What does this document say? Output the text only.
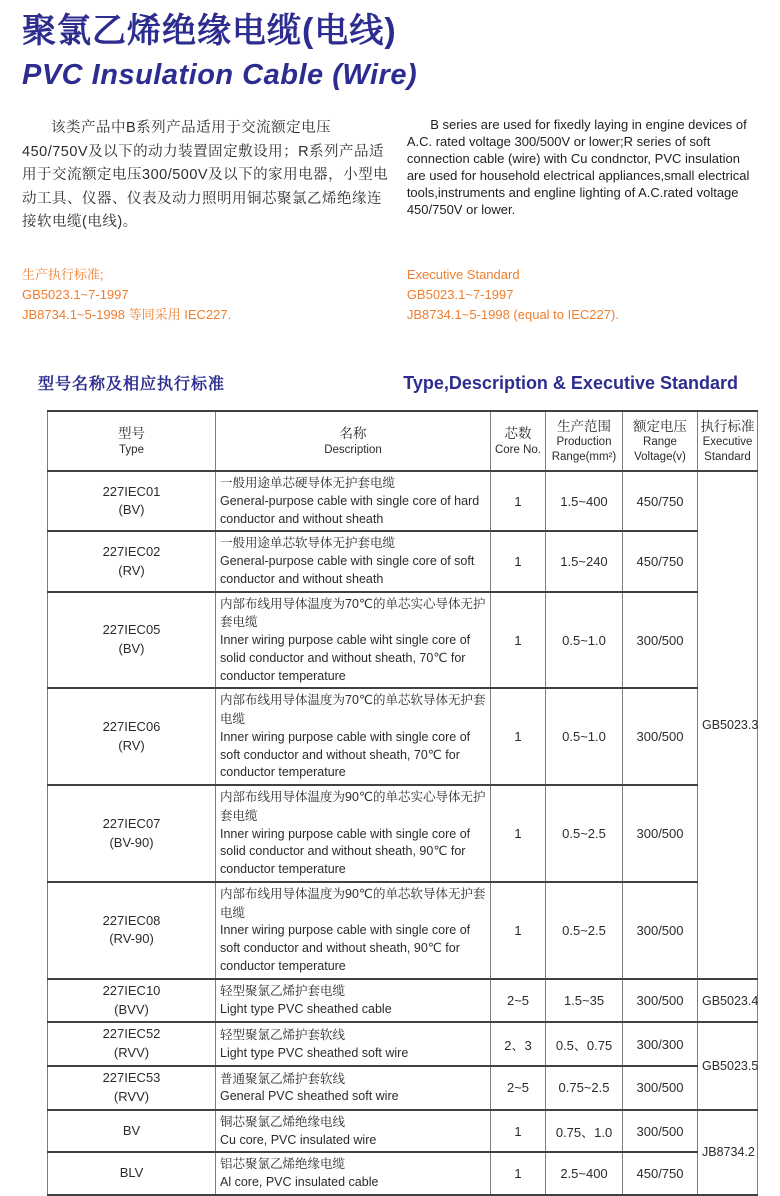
聚氯乙烯绝缘电缆(电线)
PVC Insulation Cable (Wire)
该类产品中B系列产品适用于交流额定电压450/750V及以下的动力装置固定敷设用；R系列产品适用于交流额定电压300/500V及以下的家用电器，小型电动工具、仪器、仪表及动力照明用铜芯聚氯乙烯绝缘连接软电缆(电线)。
B series are used for fixedly laying in engine devices of A.C. rated voltage 300/500V or lower;R series of soft connection cable (wire) with Cu condnctor, PVC insulation are used for household electrical appliances,small electrical tools,instruments and engline lighting of A.C.rated voltage 450/750V or lower.
生产执行标准;
GB5023.1~7-1997
JB8734.1~5-1998 等同采用 IEC227.
Executive Standard
GB5023.1~7-1997
JB8734.1~5-1998 (equal to IEC227).
型号名称及相应执行标准	Type,Description & Executive Standard
型号
Type

名称
Description

芯数
Core No.

生产范围
Production
Range(mm²)

额定电压
Range
Voltage(v)

执行标准
Executive
Standard

227IEC01
(BV)

一般用途单芯硬导体无护套电缆
General-purpose cable with single core of hard conductor and without sheath
	1	1.5~400	450/750	GB5023.3

227IEC02
(RV)

一般用途单芯软导体无护套电缆
General-purpose cable with single core of soft conductor and without sheath
	1	1.5~240	450/750

227IEC05
(BV)

内部布线用导体温度为70℃的单芯实心导体无护套电缆
Inner wiring purpose cable wiht single core of solid conductor and without sheath, 70℃ for conductor temperature
	1	0.5~1.0	300/500

227IEC06
(RV)

内部布线用导体温度为70℃的单芯软导体无护套电缆
Inner wiring purpose cable with single core of soft conductor and without sheath, 70℃ for conductor temperature
	1	0.5~1.0	300/500

227IEC07
(BV-90)

内部布线用导体温度为90℃的单芯实心导体无护套电缆
Inner wiring purpose cable with single core of solid conductor and without sheath, 90℃ for conductor temperature
	1	0.5~2.5	300/500

227IEC08
(RV-90)

内部布线用导体温度为90℃的单芯软导体无护套电缆
Inner wiring purpose cable with single core of soft conductor and without sheath, 90℃ for conductor temperature
	1	0.5~2.5	300/500

227IEC10
(BVV)

轻型聚氯乙烯护套电缆
Light type PVC sheathed cable
	2~5	1.5~35	300/500	GB5023.4

227IEC52
(RVV)

轻型聚氯乙烯护套软线
Light type PVC sheathed soft wire	2、3	0.5、0.75	300/300	GB5023.5

227IEC53
(RVV)

普通聚氯乙烯护套软线
General PVC sheathed soft wire
	2~5	0.75~2.5	300/500

BV	铜芯聚氯乙烯绝缘电线
Cu core, PVC insulated wire	1	0.75、1.0	300/500	JB8734.2

BLV	铝芯聚氯乙烯绝缘电缆
Al core, PVC insulated cable	1	2.5~400	450/750	
